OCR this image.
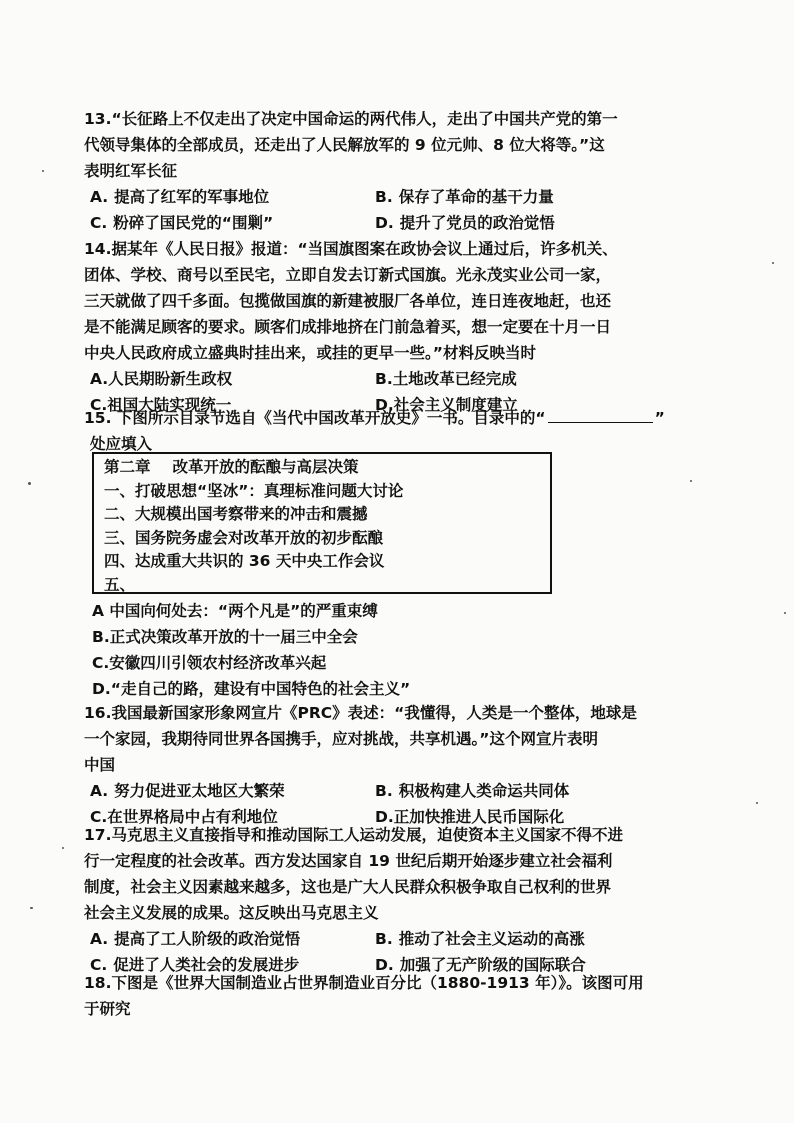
13.“长征路上不仅走出了决定中国命运的两代伟人，走出了中国共产党的第一
代领导集体的全部成员，还走出了人民解放军的 9 位元帅、8 位大将等。”这
表明红军长征
A. 提高了红军的军事地位	B. 保存了革命的基干力量
C. 粉碎了国民党的“围剿”	D. 提升了党员的政治觉悟
14.据某年《人民日报》报道：“当国旗图案在政协会议上通过后，许多机关、
团体、学校、商号以至民宅，立即自发去订新式国旗。光永茂实业公司一家，
三天就做了四千多面。包揽做国旗的新建被服厂各单位，连日连夜地赶，也还
是不能满足顾客的要求。顾客们成排地挤在门前急着买，想一定要在十月一日
中央人民政府成立盛典时挂出来，或挂的更早一些。”材料反映当时
A.人民期盼新生政权	B.土地改革已经完成
C.祖国大陆实现统一	D.社会主义制度建立
15. 下图所示目录节选自《当代中国改革开放史》一书。目录中的“	”
处应填入
第二章 改革开放的酝酿与高层决策
一、打破思想“坚冰”：真理标准问题大讨论
二、大规模出国考察带来的冲击和震撼
三、国务院务虚会对改革开放的初步酝酿
四、达成重大共识的 36 天中央工作会议
五、
A 中国向何处去：“两个凡是”的严重束缚
B.正式决策改革开放的十一届三中全会
C.安徽四川引领农村经济改革兴起
D.“走自己的路，建设有中国特色的社会主义”
16.我国最新国家形象网宣片《PRC》表述：“我懂得，人类是一个整体，地球是
一个家园，我期待同世界各国携手，应对挑战，共享机遇。”这个网宣片表明
中国
A. 努力促进亚太地区大繁荣	B. 积极构建人类命运共同体
C.在世界格局中占有利地位	D.正加快推进人民币国际化
17.马克思主义直接指导和推动国际工人运动发展，迫使资本主义国家不得不进
行一定程度的社会改革。西方发达国家自 19 世纪后期开始逐步建立社会福利
制度，社会主义因素越来越多，这也是广大人民群众积极争取自己权利的世界
社会主义发展的成果。这反映出马克思主义
A. 提高了工人阶级的政治觉悟	B. 推动了社会主义运动的高涨
C. 促进了人类社会的发展进步	D. 加强了无产阶级的国际联合
18.下图是《世界大国制造业占世界制造业百分比（1880-1913 年）》。该图可用
于研究
